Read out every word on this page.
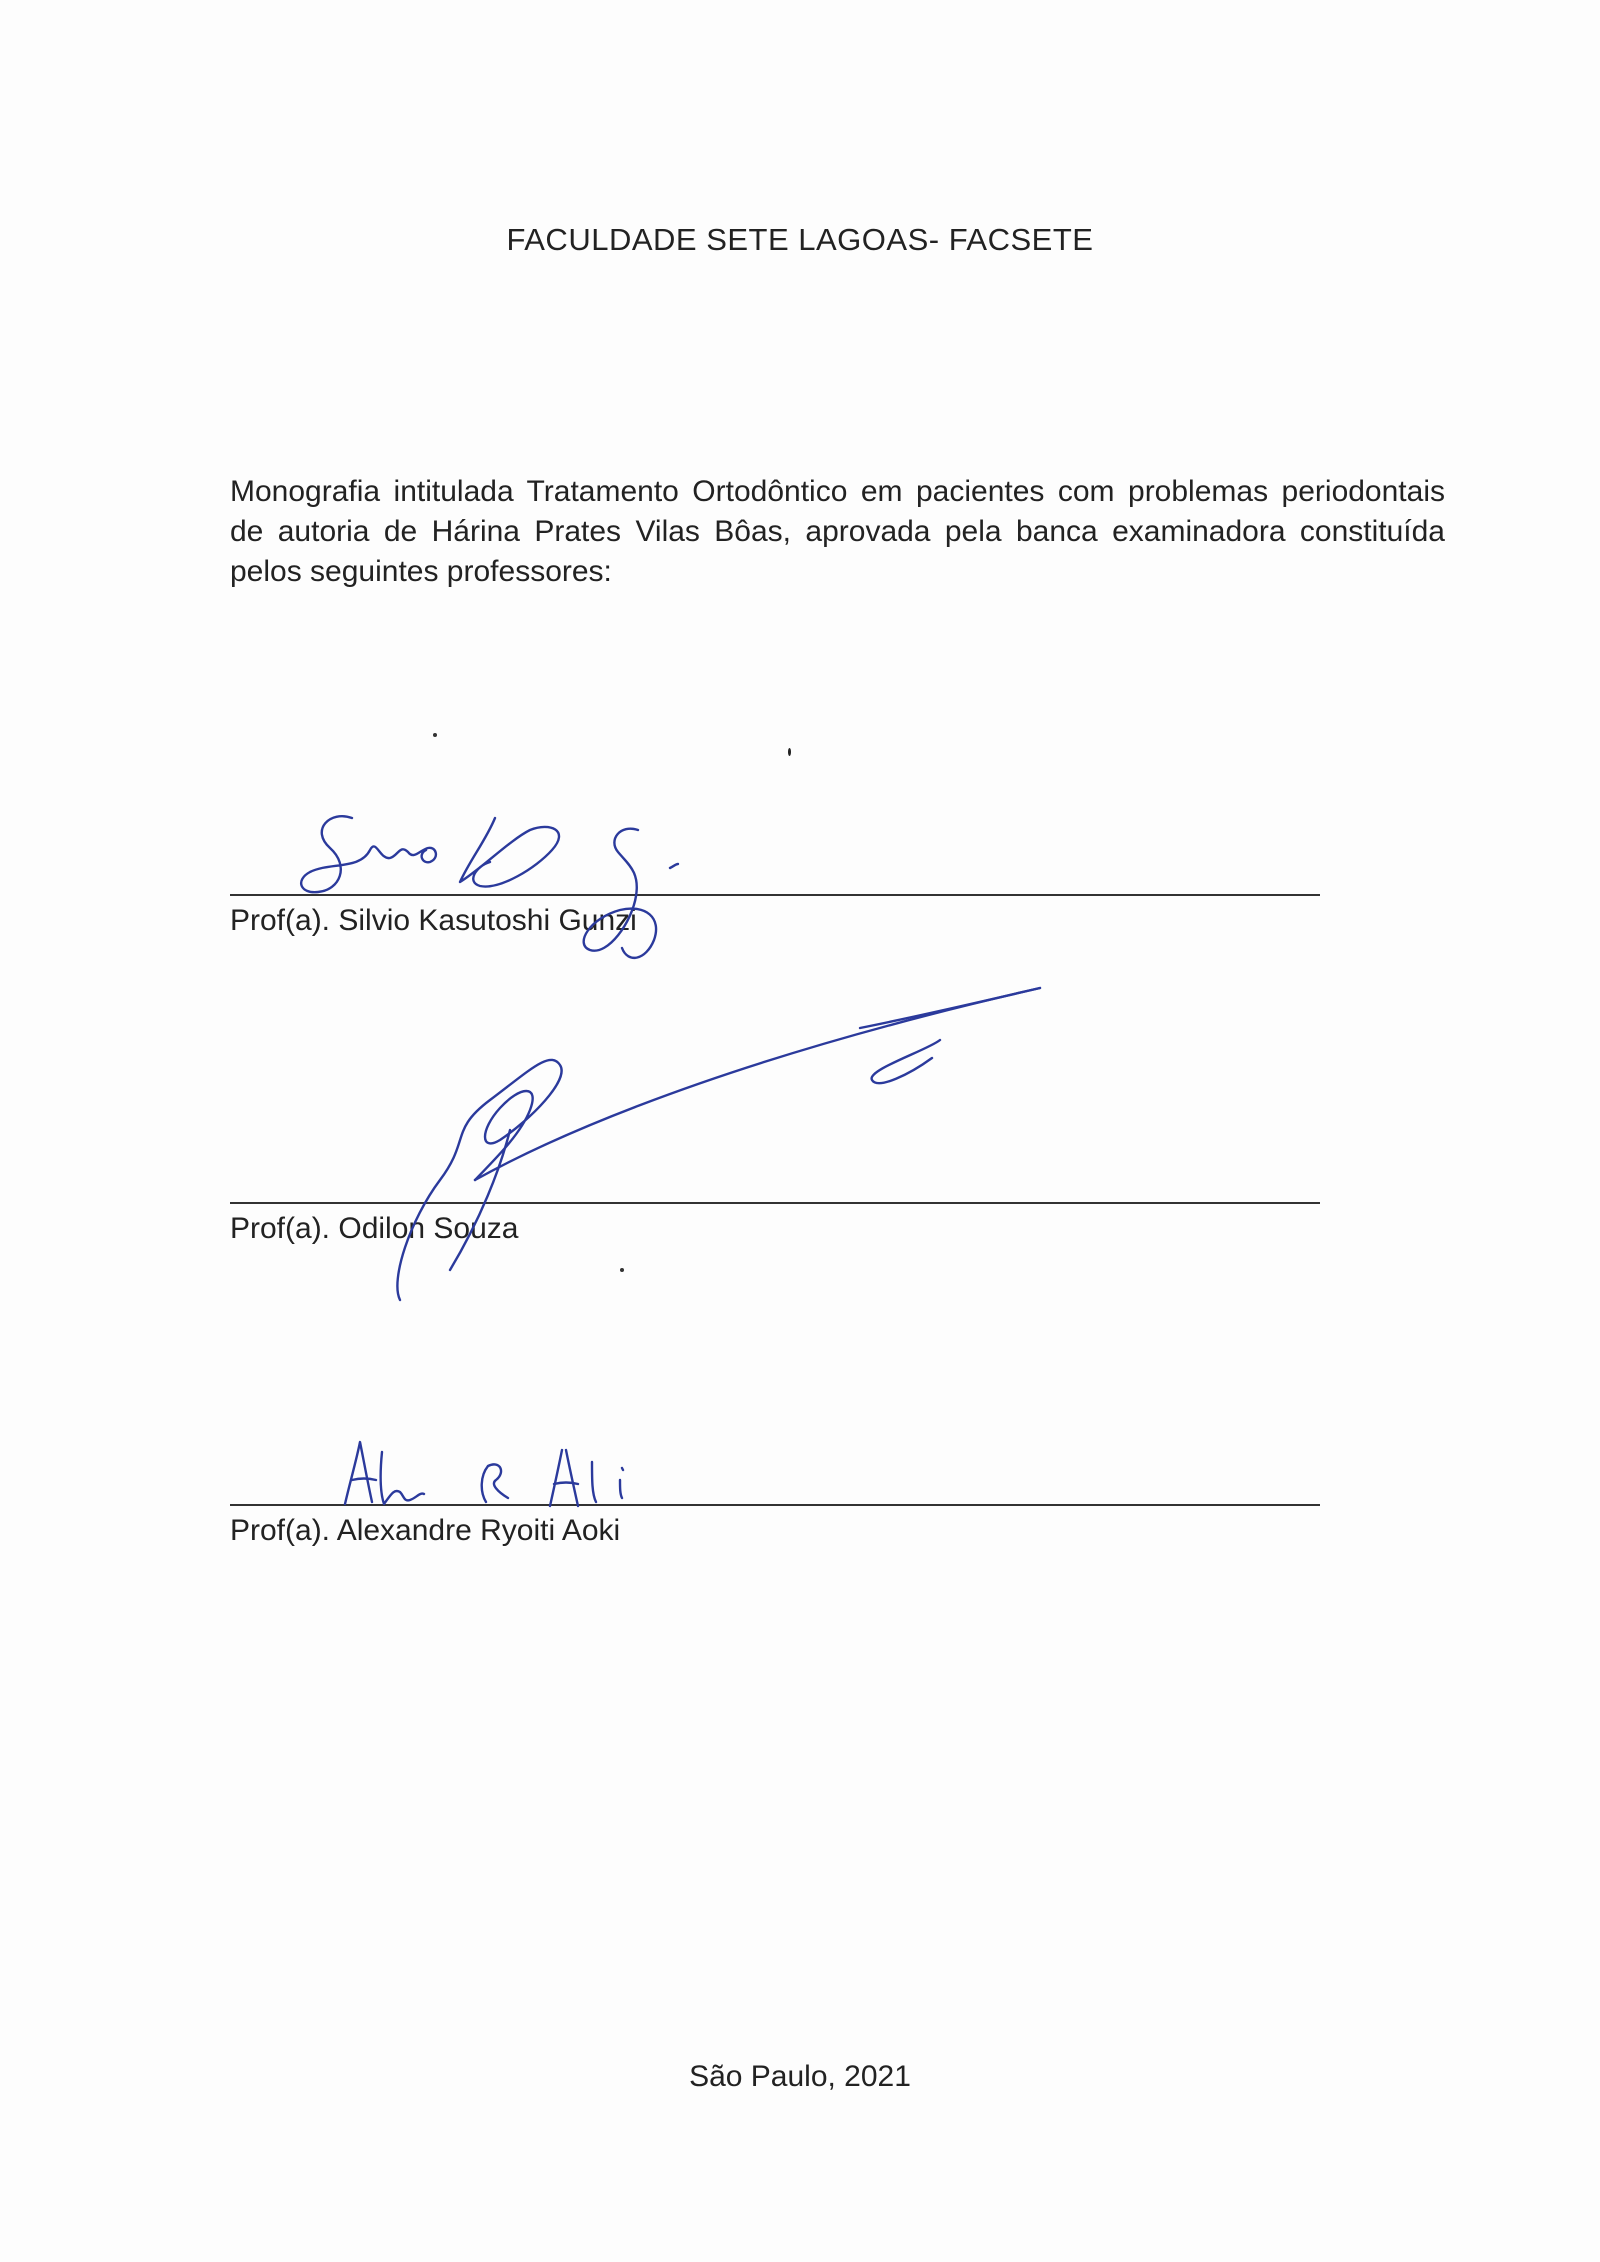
FACULDADE SETE LAGOAS- FACSETE
Monografia intitulada Tratamento Ortodôntico em pacientes com problemas periodontais de autoria de Hárina Prates Vilas Bôas, aprovada pela banca examinadora constituída pelos seguintes professores:
Prof(a). Silvio Kasutoshi Gunzi
Prof(a). Odilon Souza
Prof(a). Alexandre Ryoiti Aoki
São Paulo, 2021
